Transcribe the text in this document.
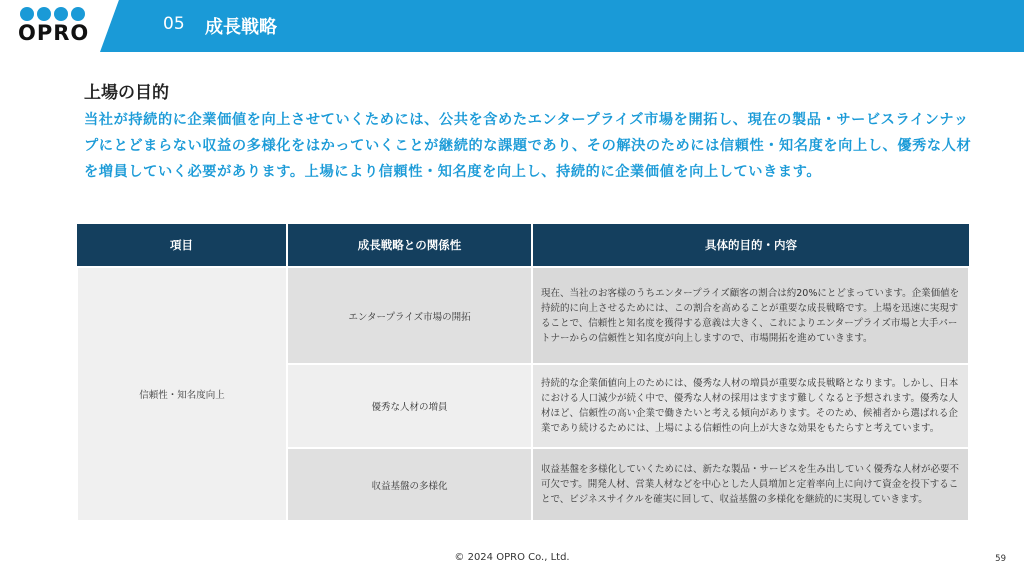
OPRO	05 成長戦略
上場の目的
当社が持続的に企業価値を向上させていくためには、公共を含めたエンタープライズ市場を開拓し、現在の製品・サービスラインナップにとどまらない収益の多様化をはかっていくことが継続的な課題であり、その解決のためには信頼性・知名度を向上し、優秀な人材を増員していく必要があります。上場により信頼性・知名度を向上し、持続的に企業価値を向上していきます。
項目	成長戦略との関係性	具体的目的・内容
信頼性・知名度向上	エンタープライズ市場の開拓	現在、当社のお客様のうちエンタープライズ顧客の割合は約20%にとどまっています。企業価値を持続的に向上させるためには、この割合を高めることが重要な成長戦略です。上場を迅速に実現することで、信頼性と知名度を獲得する意義は大きく、これによりエンタープライズ市場と大手パートナーからの信頼性と知名度が向上しますので、市場開拓を進めていきます。
	優秀な人材の増員	持続的な企業価値向上のためには、優秀な人材の増員が重要な成長戦略となります。しかし、日本における人口減少が続く中で、優秀な人材の採用はますます難しくなると予想されます。優秀な人材ほど、信頼性の高い企業で働きたいと考える傾向があります。そのため、候補者から選ばれる企業であり続けるためには、上場による信頼性の向上が大きな効果をもたらすと考えています。
	収益基盤の多様化	収益基盤を多様化していくためには、新たな製品・サービスを生み出していく優秀な人材が必要不可欠です。開発人材、営業人材などを中心とした人員増加と定着率向上に向けて資金を投下することで、ビジネスサイクルを確実に回して、収益基盤の多様化を継続的に実現していきます。
© 2024 OPRO Co., Ltd.	59
